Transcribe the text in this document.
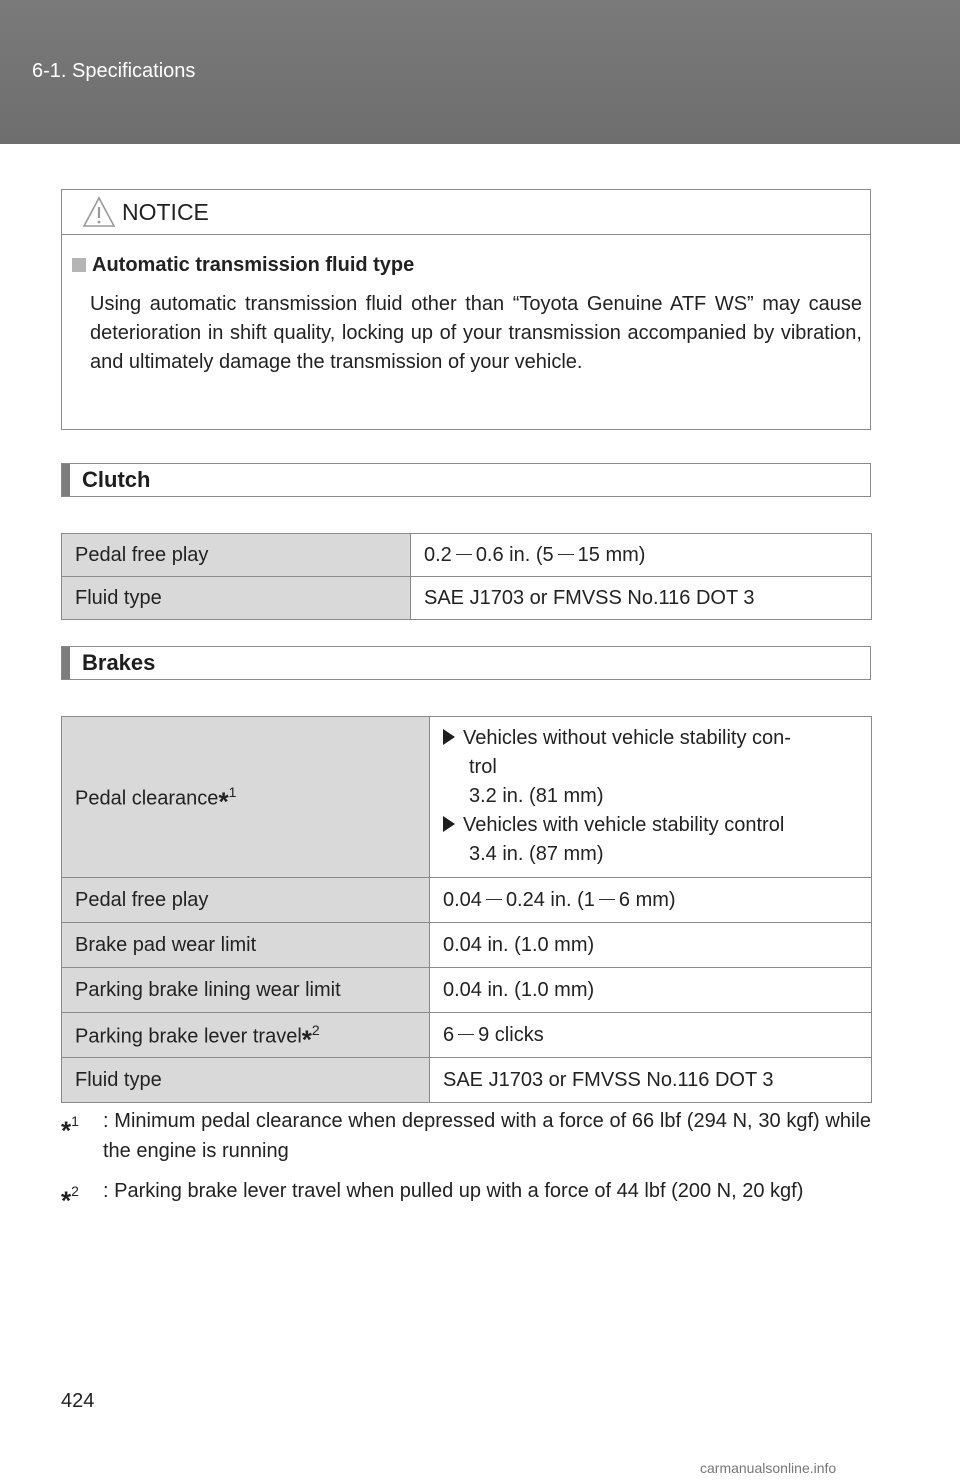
6-1. Specifications
NOTICE
Automatic transmission fluid type
Using automatic transmission fluid other than “Toyota Genuine ATF WS” may cause deterioration in shift quality, locking up of your transmission accompanied by vibration, and ultimately damage the transmission of your vehicle.
Clutch
Pedal free play	0.2 0.6 in. (5 15 mm)
Fluid type	SAE J1703 or FMVSS No.116 DOT 3
Brakes
Pedal clearance*$^1$	Vehicles without vehicle stability con-
trol
3.2 in. (81 mm)
Vehicles with vehicle stability control
3.4 in. (87 mm)

Pedal free play	0.04 0.24 in. (1 6 mm)
Brake pad wear limit	0.04 in. (1.0 mm)
Parking brake lining wear limit	0.04 in. (1.0 mm)
Parking brake lever travel*$^2$	6 9 clicks
Fluid type	SAE J1703 or FMVSS No.116 DOT 3
*$^1$ : Minimum pedal clearance when depressed with a force of 66 lbf (294 N, 30 kgf) while the engine is running
*$^2$ : Parking brake lever travel when pulled up with a force of 44 lbf (200 N, 20 kgf)
424
carmanualsonline.info
